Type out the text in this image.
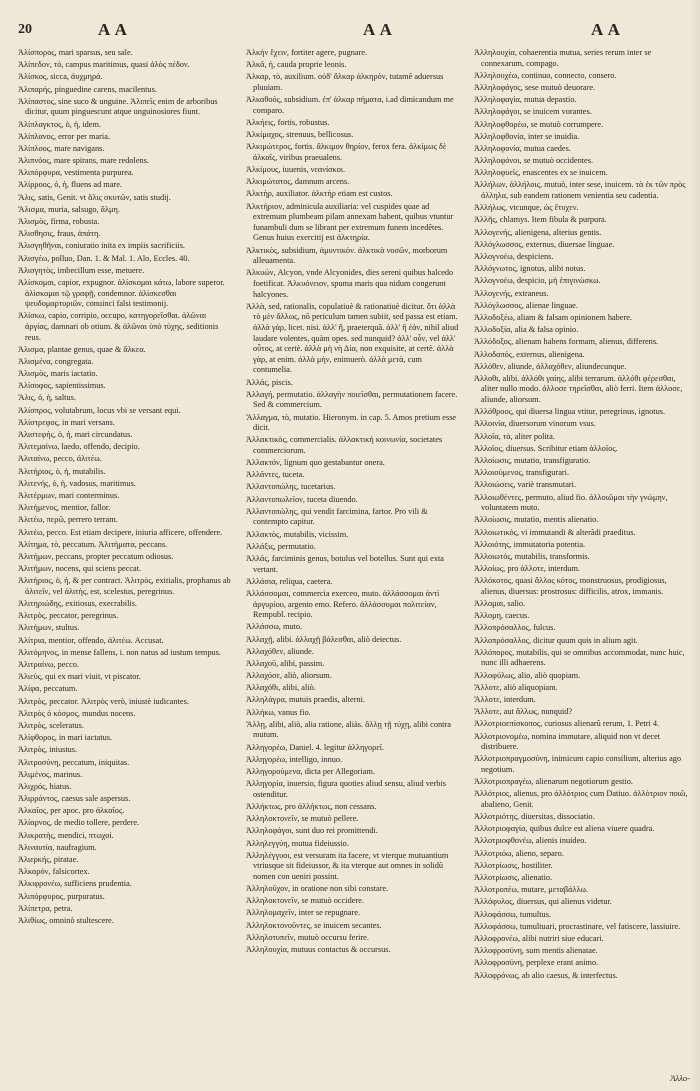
20	Α Α	Α Α	Α Α

Ἁλίσπορος, mari sparsus, seu sale.

Ἁλίπεδον, τὸ, campus maritimus, quasi ἁλὸς πέδον.

Ἁλίσκος, sicca, ἀυχμηρά.

Ἀλιπαρής, pinguedine carens, macilentus.

Ἀλίπαστος, sine suco & unguine. Ἀλιπεῖς enim de arboribus dicitur, quum pinguescunt atque unguinosiores fiunt.

Ἁλίπλαγκτος, ὁ, ἡ, idem.

Ἁλίπλανος, error per maria.

Ἁλίπλοος, mare navigans.

Ἁλιπνόος, mare spirans, mare redolens.

Ἁλιπόρφυρα, vestimenta purpurea.

Ἁλίρροος, ὁ, ἡ, fluens ad mare.

Ἅλις, satis, Genit. vt ἅλις σκυτῶν, satis studij.

Ἅλισμα, muria, salsugo, ἅλμη.

Ἁλισμὸς, firma, robusta.

Ἁλισθησις, fraus, ἀπάτη.

Ἀλισγηθῆναι, coniuratio inita ex impiis sacrificiis.

Ἀλισγέω, polluo, Dan. 1. & Mal. 1. Alo, Eccles. 40.

Ἀλισγητὸς, imbecillum esse, metuere.

Ἀλίσκομαι, capior, expugnor. ἁλίσκομαι κάτω, labore superor. ἁλίσκομαι τῷ γραφῇ, condemnor. ἁλίσκεσθαι ψευδομαρτυριῶν, conuinci falsi testimonij.

Ἁλίσκω, capio, corripio, occupo, κατηγορεῖσθαι. ἁλῶναι ἀργίας, damnari ob otium. & ἁλῶναι ὑπὸ τύχης, seditionis reus.

Ἁλισμα, plantae genus, quae & ἄλκεα.

Ἁλισμένα, congregata.

Ἁλισμὸς, maris iactatio.

Ἁλίσοφος, sapientissimus.

Ἅλις, ὁ, ἡ, saltus.

Ἁλίσπρος, volutabrum, locus vbi se versant equi.

Ἀλίστρεφος, in mari versans.

Ἁλιστεφής, ὁ, ἡ, mari circundatus.

Ἀλιτεμαίνω, laedo, offendo, decipio.

Ἀλιταίνω, pecco, ἀλιτέω.

Ἀλιτήριος, ὁ, ἡ, mutabilis.

Ἀλιτενής, ὁ, ἡ, vadosus, maritimus.

Ἀλιτέρμων, mari conterminus.

Ἀλιτήμενος, mentior, fallor.

Ἀλιτέω, περῶ, perrero terram.

Ἀλιτέω, pecco. Est etiam decipere, iniuria afficere, offendere.

Ἀλίτημα, τὸ, peccatum. Ἀλιτήματα, peccans.

Ἀλιτήμων, peccans, propter peccatum odiosus.

Ἀλιτήμων, nocens, qui sciens peccat.

Ἀλιτήριος, ὁ, ἡ, & per contract. Ἀλιτρὸς, exitialis, prophanus ab ἀλιτεῖν, vel ἀλιτὴς, est, scelestus, peregrinus.

Ἀλιτηριώδης, exitiosus, execrabilis.

Ἀλιτρὸς, peccator, peregrinus.

Ἀλιτήμων, stultus.

Ἀλίτρια, mentior, offendo, ἀλιτέω. Accusat.

Ἀλιτόμηνος, in mense fallens, i. non natus ad iustum tempus.

Ἀλιτραίνω, pecco.

Ἁλιεὺς, qui ex mari viuit, vt piscator.

Ἀλίφα, peccatum.

Ἀλιτρὸς, peccator. Ἀλιτρὸς verò, iniustè iudicantes.

Ἀλιτρὸς ὁ κόσμος, mundus nocens.

Ἀλιτρὸς, sceleratus.

Ἁλίφθορος, in mari iactatus.

Ἀλιτρὸς, iniustus.

Ἀλιτροσύνη, peccatum, iniquitas.

Ἁλιμένος, marinus.

Ἁλιχρός, hiatus.

Ἁλιρράντος, caesus sale aspersus.

Ἀλκαῖος, per apoc. pro ἀλκαῖος.

Ἀλίαρνος, de medio tollere, perdere.

Ἀλικρατὴς, mendici, πτωχοί.

Ἀλιναυτία, naufragium.

Ἁλιερκής, piratae.

Ἀλκαρόν, falsicortex.

Ἀλκιφρονέω, sufficiens prudentia.

Ἁλιπόρφυρος, purpuratus.

Ἁλίπετρα, petra.

Ἀλιθίως, omninò stultescere.

Ἀλκὴν ἔχειν, fortiter agere, pugnare.

Ἀλκᾶ, ἡ, cauda proprie leonis.

Ἀλκαρ, τὸ, auxilium. οὐδ' ἄλκαρ ἀλκηρὸν, tutamẽ aduersus pluuiam.

Ἀλκαθοός, subsidium. ἐπ' ἀλκαρ πήματα, i.ad dimicandum me comparo.

Ἀλκήεις, fortis, robustus.

Ἀλκίμαχος, strenuus, bellicosus.

Ἀλκιμώτερος, fortis. ἄλκιμον θηρίον, ferox fera. ἀλκίμως δὲ ἀλκαῖς, viribus praeualens.

Ἀλκίμους, iuuenis, νεανίσκοι.

Ἀλκιμώτατος, damnum arcens.

Ἀλκτὴρ, auxiliator. ἀλκτὴρ etiam est custos.

Ἀλκτήριον, adminicula auxiliaria: vel cuspides quae ad extremum plumbeam pilam annexam habent, quibus vtuntur funambuli dum se librant per extremum funem incedẽtes. Genus huius exercitij est ἀλκτηρία.

Ἀλκτικὸς, subsidium, ἀμυντικόν. ἀλκτικὰ νοσῶν, morborum alleuamenta.

Ἀλκυών, Alcyon, vnde Alcyonides, dies sereni quibus halcedo foetificat. Ἀλκυόνειον, spuma maris qua nidum congerunt halcyones.

Ἀλλὰ, sed, rationalis, copulatiuè & rationatiuè dicitur. ὅτι ἀλλὰ τὸ μὲν ἄλλως, nõ periculum tamen subiit, sed passa est etiam. ἀλλὰ γὰρ, licet. nisi. ἀλλ' ἢ, praeterquã. ἀλλ' ἢ ἐάν, nihil aliud laudare volentes, quàm opes. sed nunquid? ἀλλ' οὖν, vel ἀλλ' οὖτος, at certè. ἀλλὰ μὴ νὴ Δία, non exquisite, at certè. ἀλλὰ γὰρ, at enim. ἀλλὰ μὴν, enimuerò. ἀλλὰ μετὰ, cum contumelia.

Ἀλλᾶς, piscis.

Ἀλλαγή, permutatio. ἀλλαγὴν ποιεῖσθαι, permutationem facere. Sed & commercium.

Ἄλλαγμα, τὸ, mutatio. Hieronym. in cap. 5. Amos pretium esse dicit.

Ἀλλακτικὸς, commercialis. ἀλλακτικὴ κοινωνία, societates commerciorum.

Ἀλλακτόν, lignum quo gestabantur onera.

Ἀλλᾶντες, tuceta.

Ἀλλαντοπώλης, tucetarius.

Ἀλλαντοπωλεῖον, tuceta diuendo.

Ἀλλαντοπώλης, qui vendit farcimina, fartor. Pro vili & contempto capitur.

Ἀλλακτὸς, mutabilis, vicissim.

Ἀλλάξις, permutatio.

Ἀλλᾶς, farciminis genus, botulus vel botellus. Sunt qui exta vertant.

Ἀλλάσια, reliqua, caetera.

Ἀλλάσσομαι, commercia exerceo, muto. ἀλλάσσομαι ἀντὶ ἀργυρίου, argento emo. Refero. ἀλλάσσομαι πολιτείαν, Rempubl. recipio.

Ἀλλάσσω, muto.

Ἀλλαχῇ, alibi. ἀλλαχῇ βάλεσθαι, aliò deiectus.

Ἀλλαχόθεν, aliunde.

Ἀλλαχοῦ, alibi, passim.

Ἀλλαχόσε, aliò, aliorsum.

Ἀλλαχόθι, alibi, aliò.

Ἀλληλάγρα, mutuis praedis, alterni.

Ἀλλήκω, vanus fio.

Ἄλλῃ, alibi, aliò, alia ratione, aliàs. ἄλλῃ τῇ τύχῃ, alibi contra mutum.

Ἀλληγορέω, Daniel. 4. legitur ἀλληγορεῖ.

Ἀλληγορέω, intelligo, innuo.

Ἀλληγορούμενα, dicta per Allegoriam.

Ἀλληγορία, inuersio, figura quoties aliud sensu, aliud verbis ostenditur.

Ἀλλήκτως, pro ἀλλήκτως, non cessans.

Ἀλληλοκτονεῖν, se mutuò pellere.

Ἀλληλοφάγοι, sunt duo rei promittendi.

Ἀλληλεγγύη, mutua fideiussio.

Ἀλληλέγγυοι, est versuram ita facere, vt vterque mutuantium vtriusque sit fideiussor, & ita vterque aut omnes in solidũ nomen con ueniri possint.

Ἀλληλοῦχον, in oratione non sibi constare.

Ἀλληλοκτονεῖν, se mutuò occidere.

Ἀλληλομαχεῖν, inter se repugnare.

Ἀλληλοκτονοῦντες, se inuicem secantes.

Ἀλληλοτυπεῖν, mutuò occursu ferire.

Ἀλληλουχία, mutuus contactus & occursus.

Ἀλληλουχία, cohaerentia mutua, series rerum inter se connexarum, compago.

Ἀλληλουχέω, continuo, connecto, consero.

Ἀλληλοφάγος, sese mutuò deuorare.

Ἀλληλοφαγία, mutua depastio.

Ἀλληλοφάγοι, se inuicem vorantes.

Ἀλληλοφθορέω, se mutuò corrumpere.

Ἀλληλοφθονία, inter se inuidia.

Ἀλληλοφονία, mutua caedes.

Ἀλληλοφόνοι, se mutuò occidentes.

Ἀλληλοφυεῖς, enascentes ex se inuicem.

Ἀλλήλων, ἀλλήλοις, mutuò, inter sese, inuicem. τὰ ἐκ τῶν πρὸς ἀλληλα, sub eandem rationem venientia seu cadentia.

Ἀλλήλως, vtcunque, ὡς ἔτυχεν.

Ἀλλῆς, chlamys. Item fibula & purpura.

Ἀλλογενής, alienigena, alterius gentis.

Ἀλλόγλωσσος, externus, diuersae linguae.

Ἀλλογνοέω, despiciens.

Ἀλλόγνωτος, ignotus, alibi notus.

Ἀλλογνοέω, despicio, μὴ ἐπιγινώσκω.

Ἀλλογενής, extraneus.

Ἀλλόγλωσσος, alienae linguae.

Ἀλλοδοξέω, aliam & falsam opinionem habere.

Ἀλλοδοξία, alia & falsa opinio.

Ἀλλόδοξος, alienam habens formam, alienus, differens.

Ἀλλοδαπός, externus, alienigena.

Ἀλλόθεν, aliunde, ἀλλαχόθεν, aliundecunque.

Ἀλλοθι, alibi. ἀλλόθι γαίης, alibi terrarum. ἀλλόθι φέρεσθαι, aliter nullo modo. ἀλλοσε τηρεῖσθαι, aliò ferri. Item ἀλλοσε, aliunde, aliorsum.

Ἀλλόθροος, qui diuersa lingua vtitur, peregrinus, ignotus.

Ἀλλοινία, diuersorum vinorum vsus.

Ἀλλοῖα, τὰ, aliter polita.

Ἀλλοῖος, diuersus. Scribitur etiam ἀλλοῖος.

Ἀλλοίωσις, mutatio, transfiguratio.

Ἀλλοιούμενος, transfigurari.

Ἀλλοιώσεις, variè transmutari.

Ἀλλοιωθέντες, permuto, aliud fio. ἀλλοιῶμαι τὴν γνώμην, voluntatem muto.

Ἀλλοίωσις, mutatio, mentis alienatio.

Ἀλλοιωτικός, vi immutandi & alterãdi praeditus.

Ἀλλοιότης, immutatoria potentia.

Ἀλλοιωτός, mutabilis, transformis.

Ἀλλοίως, pro ἀλλοτε, interdum.

Ἀλλόκοτος, quasi ἄλλος κότος, monstruosus, prodigiosus, alienus, diuersus: prostrosus: difficilis, atrox, immanis.

Ἀλλομαι, salio.

Ἀλλομη, caecus.

Ἀλλοπρόσαλλος, fulcus.

Ἀλλοπρόσαλλος, dicitur quum quis in alium agit.

Ἀλλόπορος, mutabilis, qui se omnibus accommodat, nunc huic, nunc illi adhaerens.

Ἀλλοφύλως, alio, aliò quopiam.

Ἄλλοτε, aliò aliquopiam.

Ἄλλοτε, interdum.

Ἄλλοτε, aut ἄλλως, nunquid?

Ἀλλοτριοεπίσκοπος, curiosus alienarũ rerum, 1. Petri 4.

Ἀλλοτριονομέω, nomina immutare, aliquid non vt decet distribuere.

Ἀλλοτριοπραγμοσύνη, inimicum capio consilium, alterius ago negotium.

Ἀλλοτριοπραγέω, alienarum negotiorum gestio.

Ἀλλότριος, alienus, pro ἀλλότριος cum Datiuo. ἀλλότριον ποιῶ, abalieno, Genit.

Ἀλλοτριότης, diuersitas, dissociatio.

Ἀλλοτριοφαγία, quibus dulce est aliena viuere quadra.

Ἀλλοτριοφθονέω, alienis inuideo.

Ἀλλοτριόω, alieno, separo.

Ἀλλοτρίωσις, hostiliter.

Ἀλλοτρίωσις, alienatio.

Ἀλλοτροπέω, mutare, μεταβάλλω.

Ἀλλόφυλος, diuersus, qui alienus videtur.

Ἀλλοφάσσω, tumultus.

Ἀλλοφάσσω, tumultuari, procrastinare, vel fatiscere, lassiuire.

Ἀλλοφρονέω, alibi nutriri siue educari.

Ἀλλοφροσύνη, sum mentis alienatae.

Ἀλλοφροσύνη, perplexe erant animo.

Ἀλλοφρόνως, ab alio caesus, & interfectus.

Ἀλλο-
